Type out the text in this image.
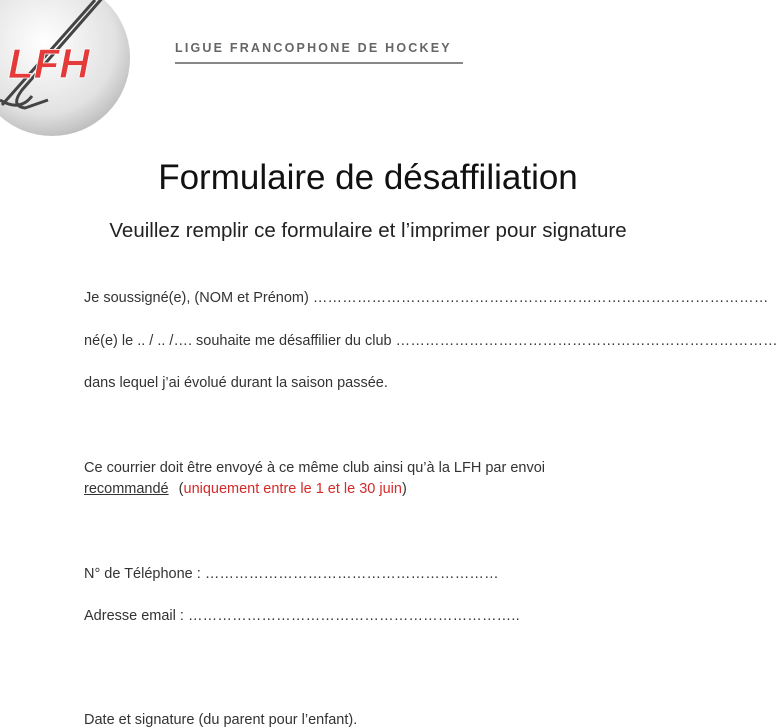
LFH	LIGUE FRANCOPHONE DE HOCKEY
Formulaire de désaffiliation
Veuillez remplir ce formulaire et l’imprimer pour signature
Je soussigné(e), (NOM et Prénom) …………………………………………………………………………………
né(e) le .. / .. /…. souhaite me désaffilier du club ……………………………………………………………………
dans lequel j’ai évolué durant la saison passée.
Ce courrier doit être envoyé à ce même club ainsi qu’à la LFH par envoi
recommandé (uniquement entre le 1 et le 30 juin)
N° de Téléphone : ……………………………………………………
Adresse email : …………………………………………………………..
Date et signature (du parent pour l’enfant).
